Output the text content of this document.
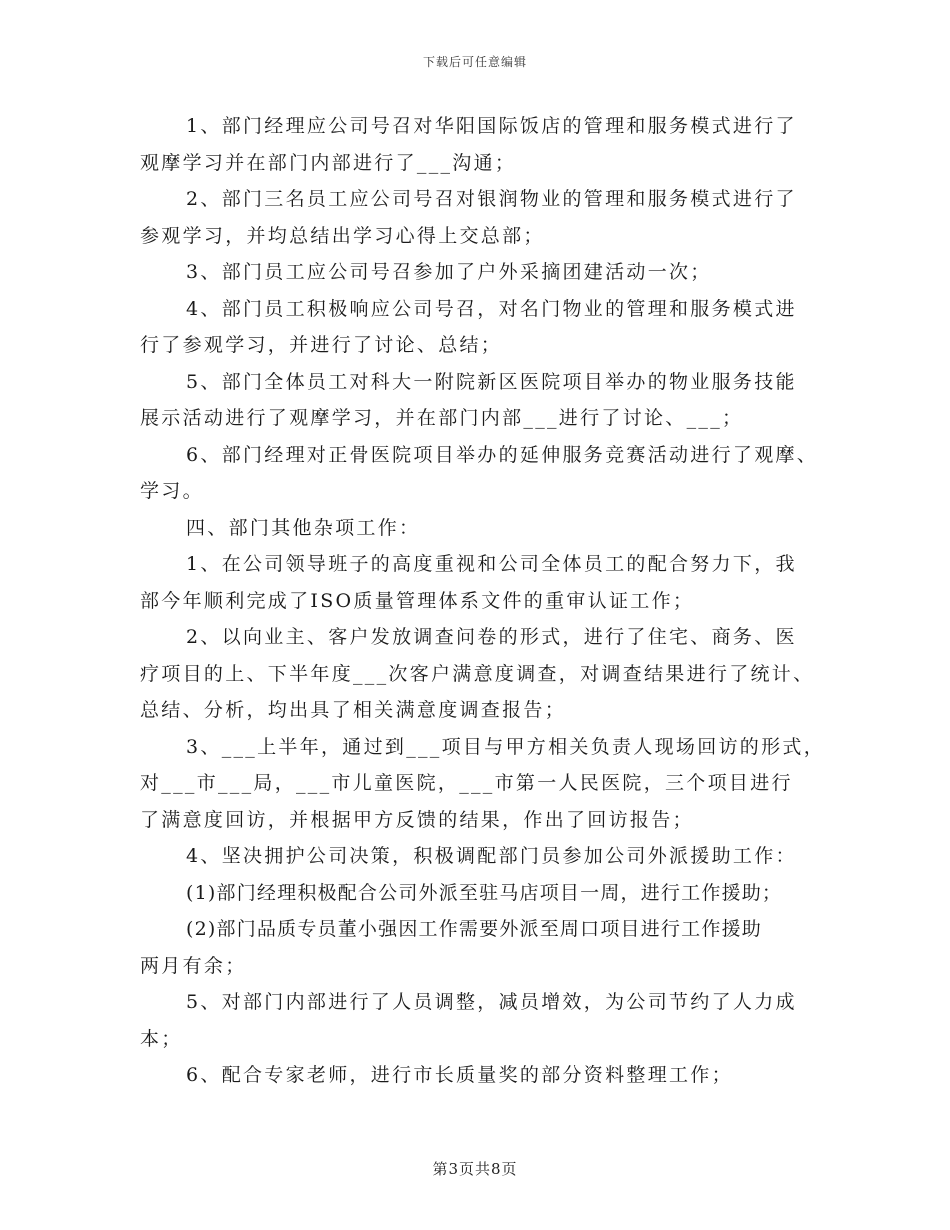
下载后可任意编辑
1、部门经理应公司号召对华阳国际饭店的管理和服务模式进行了
观摩学习并在部门内部进行了___沟通；
2、部门三名员工应公司号召对银润物业的管理和服务模式进行了
参观学习，并均总结出学习心得上交总部；
3、部门员工应公司号召参加了户外采摘团建活动一次；
4、部门员工积极响应公司号召，对名门物业的管理和服务模式进
行了参观学习，并进行了讨论、总结；
5、部门全体员工对科大一附院新区医院项目举办的物业服务技能
展示活动进行了观摩学习，并在部门内部___进行了讨论、___；
6、部门经理对正骨医院项目举办的延伸服务竞赛活动进行了观摩、
学习。
四、部门其他杂项工作：
1、在公司领导班子的高度重视和公司全体员工的配合努力下，我
部今年顺利完成了ISO质量管理体系文件的重审认证工作；
2、以向业主、客户发放调查问卷的形式，进行了住宅、商务、医
疗项目的上、下半年度___次客户满意度调查，对调查结果进行了统计、
总结、分析，均出具了相关满意度调查报告；
3、___上半年，通过到___项目与甲方相关负责人现场回访的形式，
对___市___局，___市儿童医院，___市第一人民医院，三个项目进行
了满意度回访，并根据甲方反馈的结果，作出了回访报告；
4、坚决拥护公司决策，积极调配部门员参加公司外派援助工作：
(1)部门经理积极配合公司外派至驻马店项目一周，进行工作援助；
(2)部门品质专员董小强因工作需要外派至周口项目进行工作援助
两月有余；
5、对部门内部进行了人员调整，减员增效，为公司节约了人力成
本；
6、配合专家老师，进行市长质量奖的部分资料整理工作；
第3页共8页
